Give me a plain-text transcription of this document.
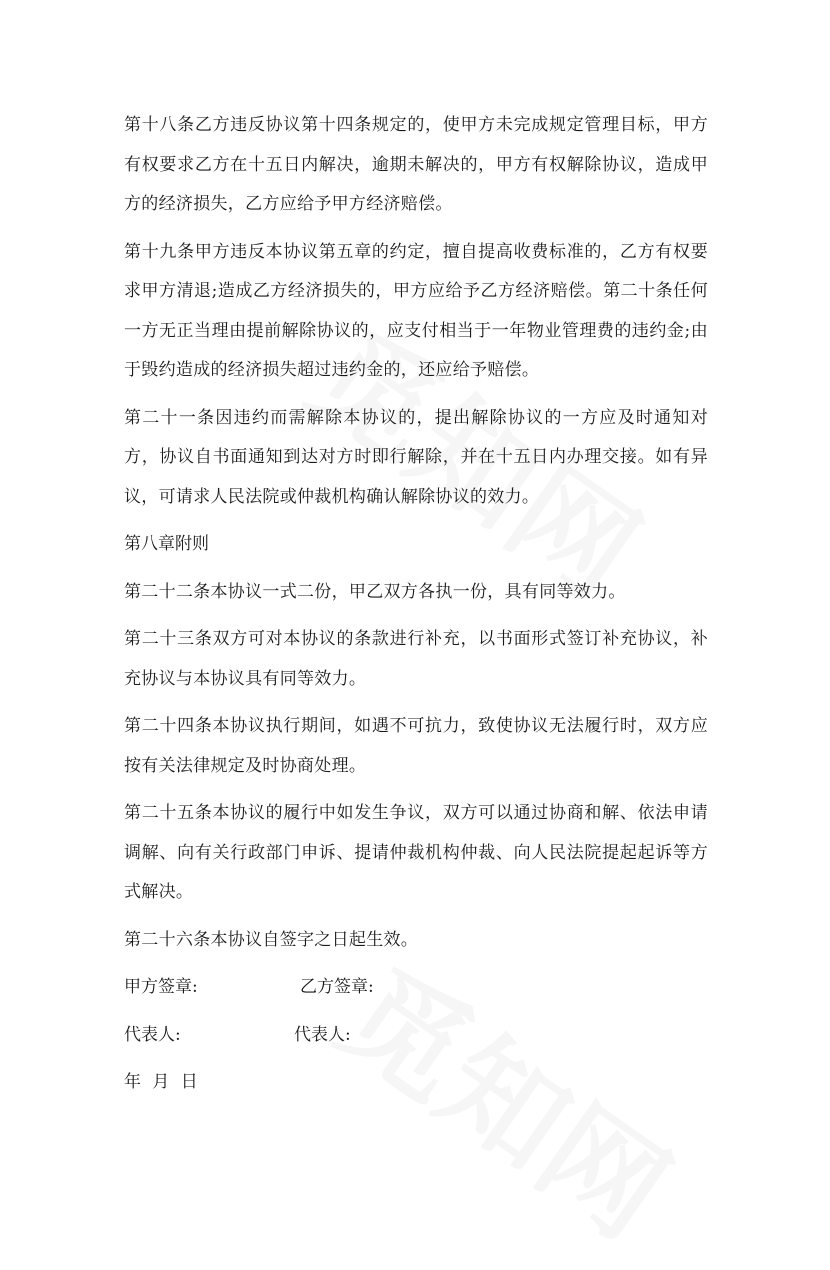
第十八条乙方违反协议第十四条规定的，使甲方未完成规定管理目标，甲方有权要求乙方在十五日内解决，逾期未解决的，甲方有权解除协议，造成甲方的经济损失，乙方应给予甲方经济赔偿。

第十九条甲方违反本协议第五章的约定，擅自提高收费标准的，乙方有权要求甲方清退;造成乙方经济损失的，甲方应给予乙方经济赔偿。第二十条任何一方无正当理由提前解除协议的，应支付相当于一年物业管理费的违约金;由于毁约造成的经济损失超过违约金的，还应给予赔偿。

第二十一条因违约而需解除本协议的，提出解除协议的一方应及时通知对方，协议自书面通知到达对方时即行解除，并在十五日内办理交接。如有异议，可请求人民法院或仲裁机构确认解除协议的效力。

第八章附则

第二十二条本协议一式二份，甲乙双方各执一份，具有同等效力。

第二十三条双方可对本协议的条款进行补充，以书面形式签订补充协议，补充协议与本协议具有同等效力。

第二十四条本协议执行期间，如遇不可抗力，致使协议无法履行时，双方应按有关法律规定及时协商处理。

第二十五条本协议的履行中如发生争议，双方可以通过协商和解、依法申请调解、向有关行政部门申诉、提请仲裁机构仲裁、向人民法院提起起诉等方式解决。

第二十六条本协议自签字之日起生效。

甲方签章:	乙方签章:
代表人:	代表人:
年 月 日
